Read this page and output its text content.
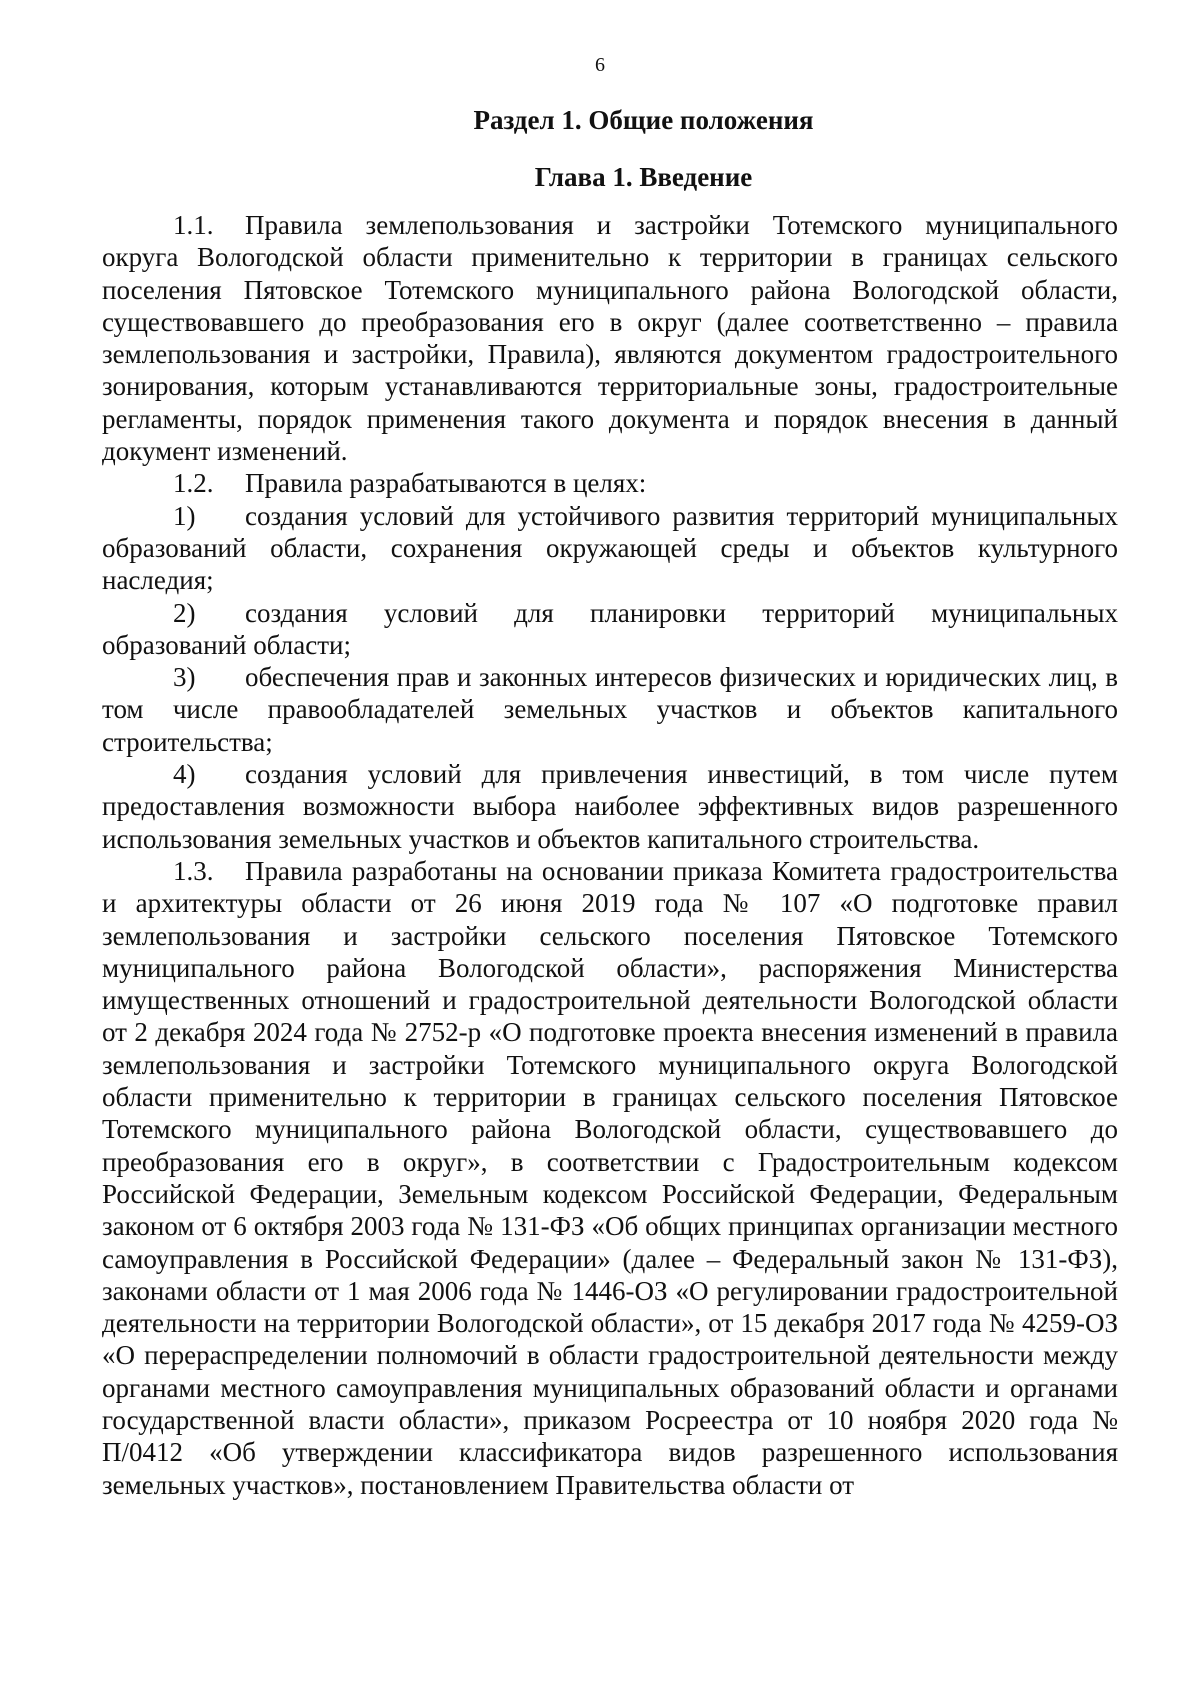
6
Раздел 1. Общие положения
Глава 1. Введение

1.1. Правила землепользования и застройки Тотемского муниципального округа Вологодской области применительно к территории в границах сельского поселения Пятовское Тотемского муниципального района Вологодской области, существовавшего до преобразования его в округ (далее соответственно – правила землепользования и застройки, Правила), являются документом градостроительного зонирования, которым устанавливаются территориальные зоны, градостроительные регламенты, порядок применения такого документа и порядок внесения в данный документ изменений.

1.2. Правила разрабатываются в целях:

1) создания условий для устойчивого развития территорий муниципальных образований области, сохранения окружающей среды и объектов культурного наследия;

2) создания условий для планировки территорий муниципальных образований области;

3) обеспечения прав и законных интересов физических и юридических лиц, в том числе правообладателей земельных участков и объектов капитального строительства;

4) создания условий для привлечения инвестиций, в том числе путем предоставления возможности выбора наиболее эффективных видов разрешенного использования земельных участков и объектов капитального строительства.

1.3. Правила разработаны на основании приказа Комитета градостроительства и архитектуры области от 26 июня 2019 года № 107 «О подготовке правил землепользования и застройки сельского поселения Пятовское Тотемского муниципального района Вологодской области», распоряжения Министерства имущественных отношений и градостроительной деятельности Вологодской области от 2 декабря 2024 года № 2752-р «О подготовке проекта внесения изменений в правила землепользования и застройки Тотемского муниципального округа Вологодской области применительно к территории в границах сельского поселения Пятовское Тотемского муниципального района Вологодской области, существовавшего до преобразования его в округ», в соответствии с Градостроительным кодексом Российской Федерации, Земельным кодексом Российской Федерации, Федеральным законом от 6 октября 2003 года № 131-ФЗ «Об общих принципах организации местного самоуправления в Российской Федерации» (далее – Федеральный закон № 131-ФЗ), законами области от 1 мая 2006 года № 1446-ОЗ «О регулировании градостроительной деятельности на территории Вологодской области», от 15 декабря 2017 года № 4259-ОЗ «О перераспределении полномочий в области градостроительной деятельности между органами местного самоуправления муниципальных образований области и органами государственной власти области», приказом Росреестра от 10 ноября 2020 года № П/0412 «Об утверждении классификатора видов разрешенного использования земельных участков», постановлением Правительства области от
